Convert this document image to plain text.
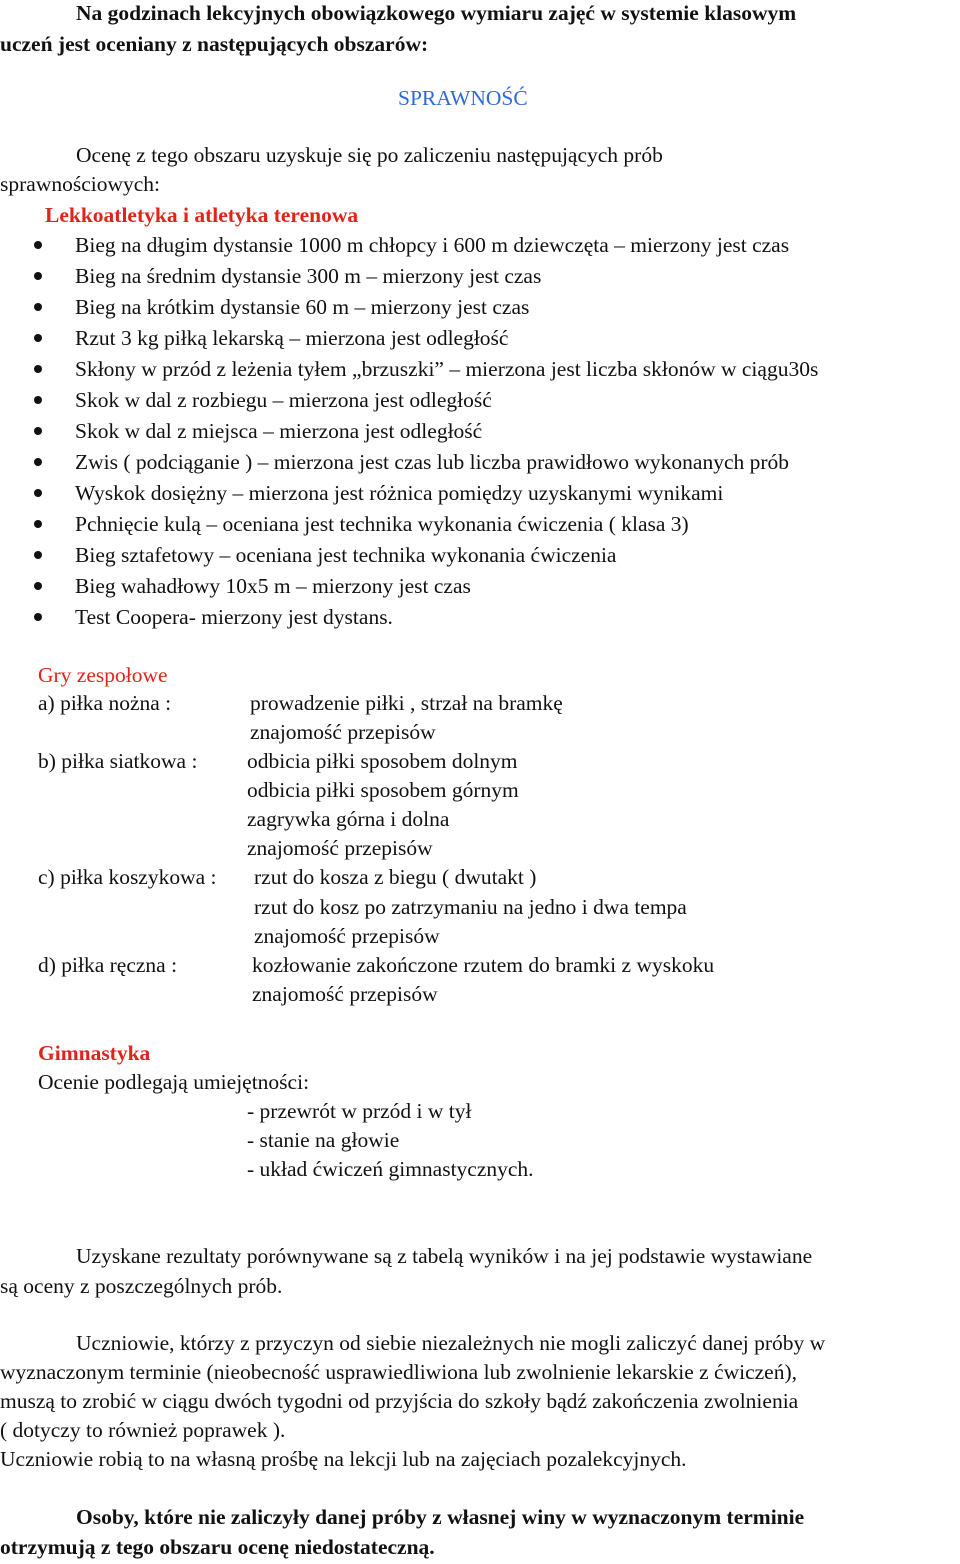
Na godzinach lekcyjnych obowiązkowego wymiaru zajęć w systemie klasowym
uczeń jest oceniany z następujących obszarów:
SPRAWNOŚĆ
Ocenę z tego obszaru uzyskuje się po zaliczeniu następujących prób
sprawnościowych:
Lekkoatletyka i atletyka terenowa
Bieg na długim dystansie 1000 m chłopcy i 600 m dziewczęta – mierzony jest czas
Bieg na średnim dystansie 300 m – mierzony jest czas
Bieg na krótkim dystansie 60 m – mierzony jest czas
Rzut 3 kg piłką lekarską – mierzona jest odległość
Skłony w przód z leżenia tyłem „brzuszki” – mierzona jest liczba skłonów w ciągu30s
Skok w dal z rozbiegu – mierzona jest odległość
Skok w dal z miejsca – mierzona jest odległość
Zwis ( podciąganie ) – mierzona jest czas lub liczba prawidłowo wykonanych prób
Wyskok dosiężny – mierzona jest różnica pomiędzy uzyskanymi wynikami
Pchnięcie kulą – oceniana jest technika wykonania ćwiczenia ( klasa 3)
Bieg sztafetowy – oceniana jest technika wykonania ćwiczenia
Bieg wahadłowy 10x5 m – mierzony jest czas
Test Coopera- mierzony jest dystans.
Gry zespołowe
a) piłka nożna :	prowadzenie piłki , strzał na bramkę
znajomość przepisów
b) piłka siatkowa : odbicia piłki sposobem dolnym
odbicia piłki sposobem górnym
zagrywka górna i dolna
znajomość przepisów
c) piłka koszykowa : rzut do kosza z biegu ( dwutakt )
rzut do kosz po zatrzymaniu na jedno i dwa tempa
znajomość przepisów
d) piłka ręczna :	kozłowanie zakończone rzutem do bramki z wyskoku
znajomość przepisów
Gimnastyka
Ocenie podlegają umiejętności:
- przewrót w przód i w tył
- stanie na głowie
- układ ćwiczeń gimnastycznych.
Uzyskane rezultaty porównywane są z tabelą wyników i na jej podstawie wystawiane
są oceny z poszczególnych prób.
Uczniowie, którzy z przyczyn od siebie niezależnych nie mogli zaliczyć danej próby w
wyznaczonym terminie (nieobecność usprawiedliwiona lub zwolnienie lekarskie z ćwiczeń),
muszą to zrobić w ciągu dwóch tygodni od przyjścia do szkoły bądź zakończenia zwolnienia
( dotyczy to również poprawek ).
Uczniowie robią to na własną prośbę na lekcji lub na zajęciach pozalekcyjnych.
Osoby, które nie zaliczyły danej próby z własnej winy w wyznaczonym terminie
otrzymują z tego obszaru ocenę niedostateczną.
